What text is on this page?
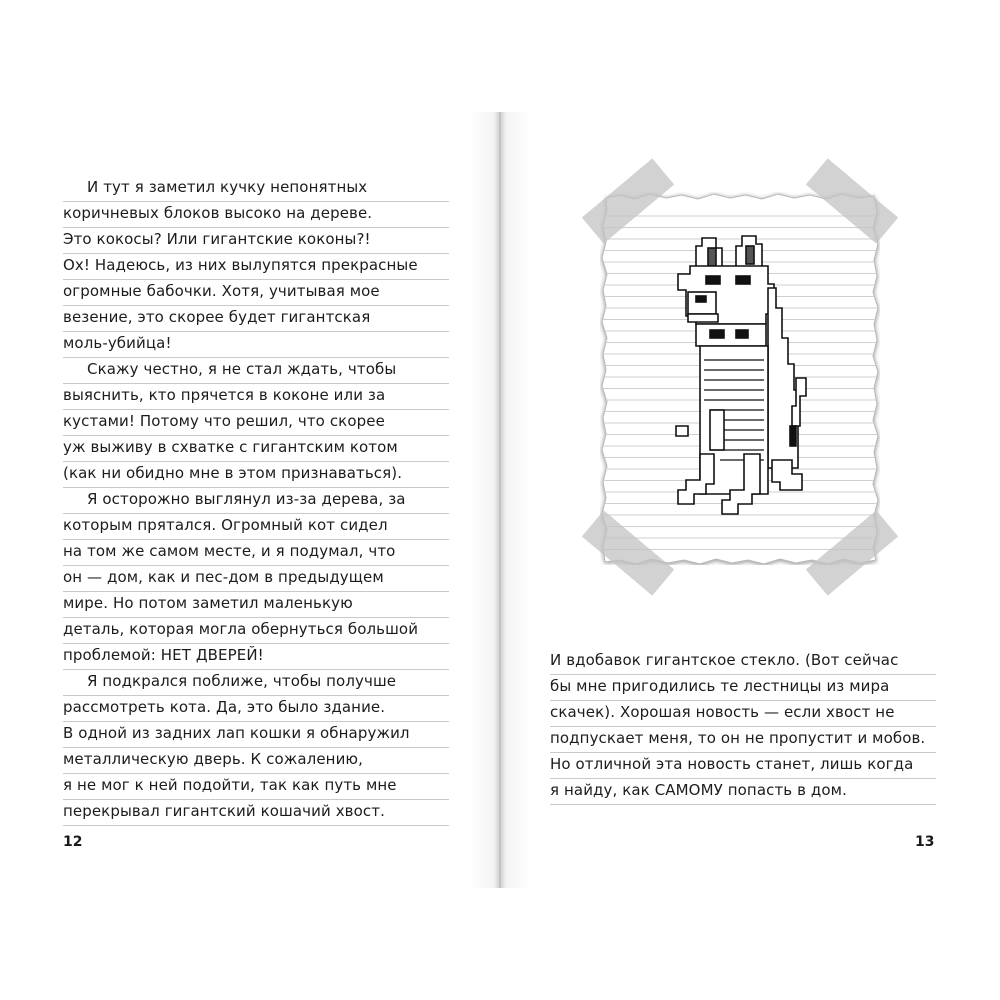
И тут я заметил кучку непонятных
коричневых блоков высоко на дереве.
Это кокосы? Или гигантские коконы?!
Ох! Надеюсь, из них вылупятся прекрасные
огромные бабочки. Хотя, учитывая мое
везение, это скорее будет гигантская
моль-убийца!
Скажу честно, я не стал ждать, чтобы
выяснить, кто прячется в коконе или за
кустами! Потому что решил, что скорее
уж выживу в схватке с гигантским котом
(как ни обидно мне в этом признаваться).
Я осторожно выглянул из-за дерева, за
которым прятался. Огромный кот сидел
на том же самом месте, и я подумал, что
он — дом, как и пес-дом в предыдущем
мире. Но потом заметил маленькую
деталь, которая могла обернуться большой
проблемой: НЕТ ДВЕРЕЙ!
Я подкрался поближе, чтобы получше
рассмотреть кота. Да, это было здание.
В одной из задних лап кошки я обнаружил
металлическую дверь. К сожалению,
я не мог к ней подойти, так как путь мне
перекрывал гигантский кошачий хвост.
12
И вдобавок гигантское стекло. (Вот сейчас
бы мне пригодились те лестницы из мира
скачек). Хорошая новость — если хвост не
подпускает меня, то он не пропустит и мобов.
Но отличной эта новость станет, лишь когда
я найду, как САМОМУ попасть в дом.
13
